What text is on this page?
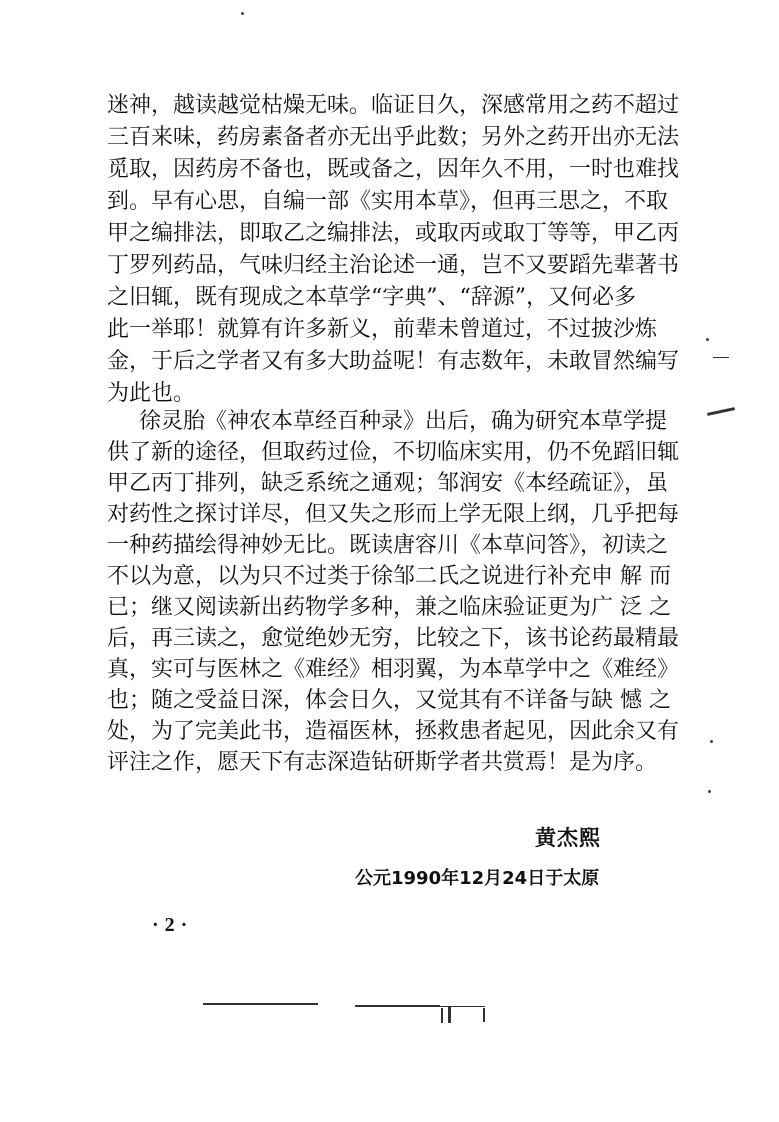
迷神，越读越觉枯燥无味。临证日久，深感常用之药不超过
三百来味，药房素备者亦无出乎此数；另外之药开出亦无法
觅取，因药房不备也，既或备之，因年久不用，一时也难找
到。早有心思，自编一部《实用本草》，但再三思之，不取
甲之编排法，即取乙之编排法，或取丙或取丁等等，甲乙丙
丁罗列药品，气味归经主治论述一通，岂不又要蹈先辈著书
之旧辄，既有现成之本草学“字典”、“辞源”，又何必多
此一举耶！就算有许多新义，前辈未曾道过，不过披沙炼
金，于后之学者又有多大助益呢！有志数年，未敢冒然编写
为此也。
徐灵胎《神农本草经百种录》出后，确为研究本草学提
供了新的途径，但取药过俭，不切临床实用，仍不免蹈旧辄
甲乙丙丁排列，缺乏系统之通观；邹润安《本经疏证》，虽
对药性之探讨详尽，但又失之形而上学无限上纲，几乎把每
一种药描绘得神妙无比。既读唐容川《本草问答》，初读之
不以为意，以为只不过类于徐邹二氏之说进行补充申 解 而
已；继又阅读新出药物学多种，兼之临床验证更为广 泛 之
后，再三读之，愈觉绝妙无穷，比较之下，该书论药最精最
真，实可与医林之《难经》相羽翼，为本草学中之《难经》
也；随之受益日深，体会日久，又觉其有不详备与缺 憾 之
处，为了完美此书，造福医林，拯救患者起见，因此余又有
评注之作，愿天下有志深造钻研斯学者共赏焉！是为序。
黄杰熙
公元1990年12月24日于太原
·2·
